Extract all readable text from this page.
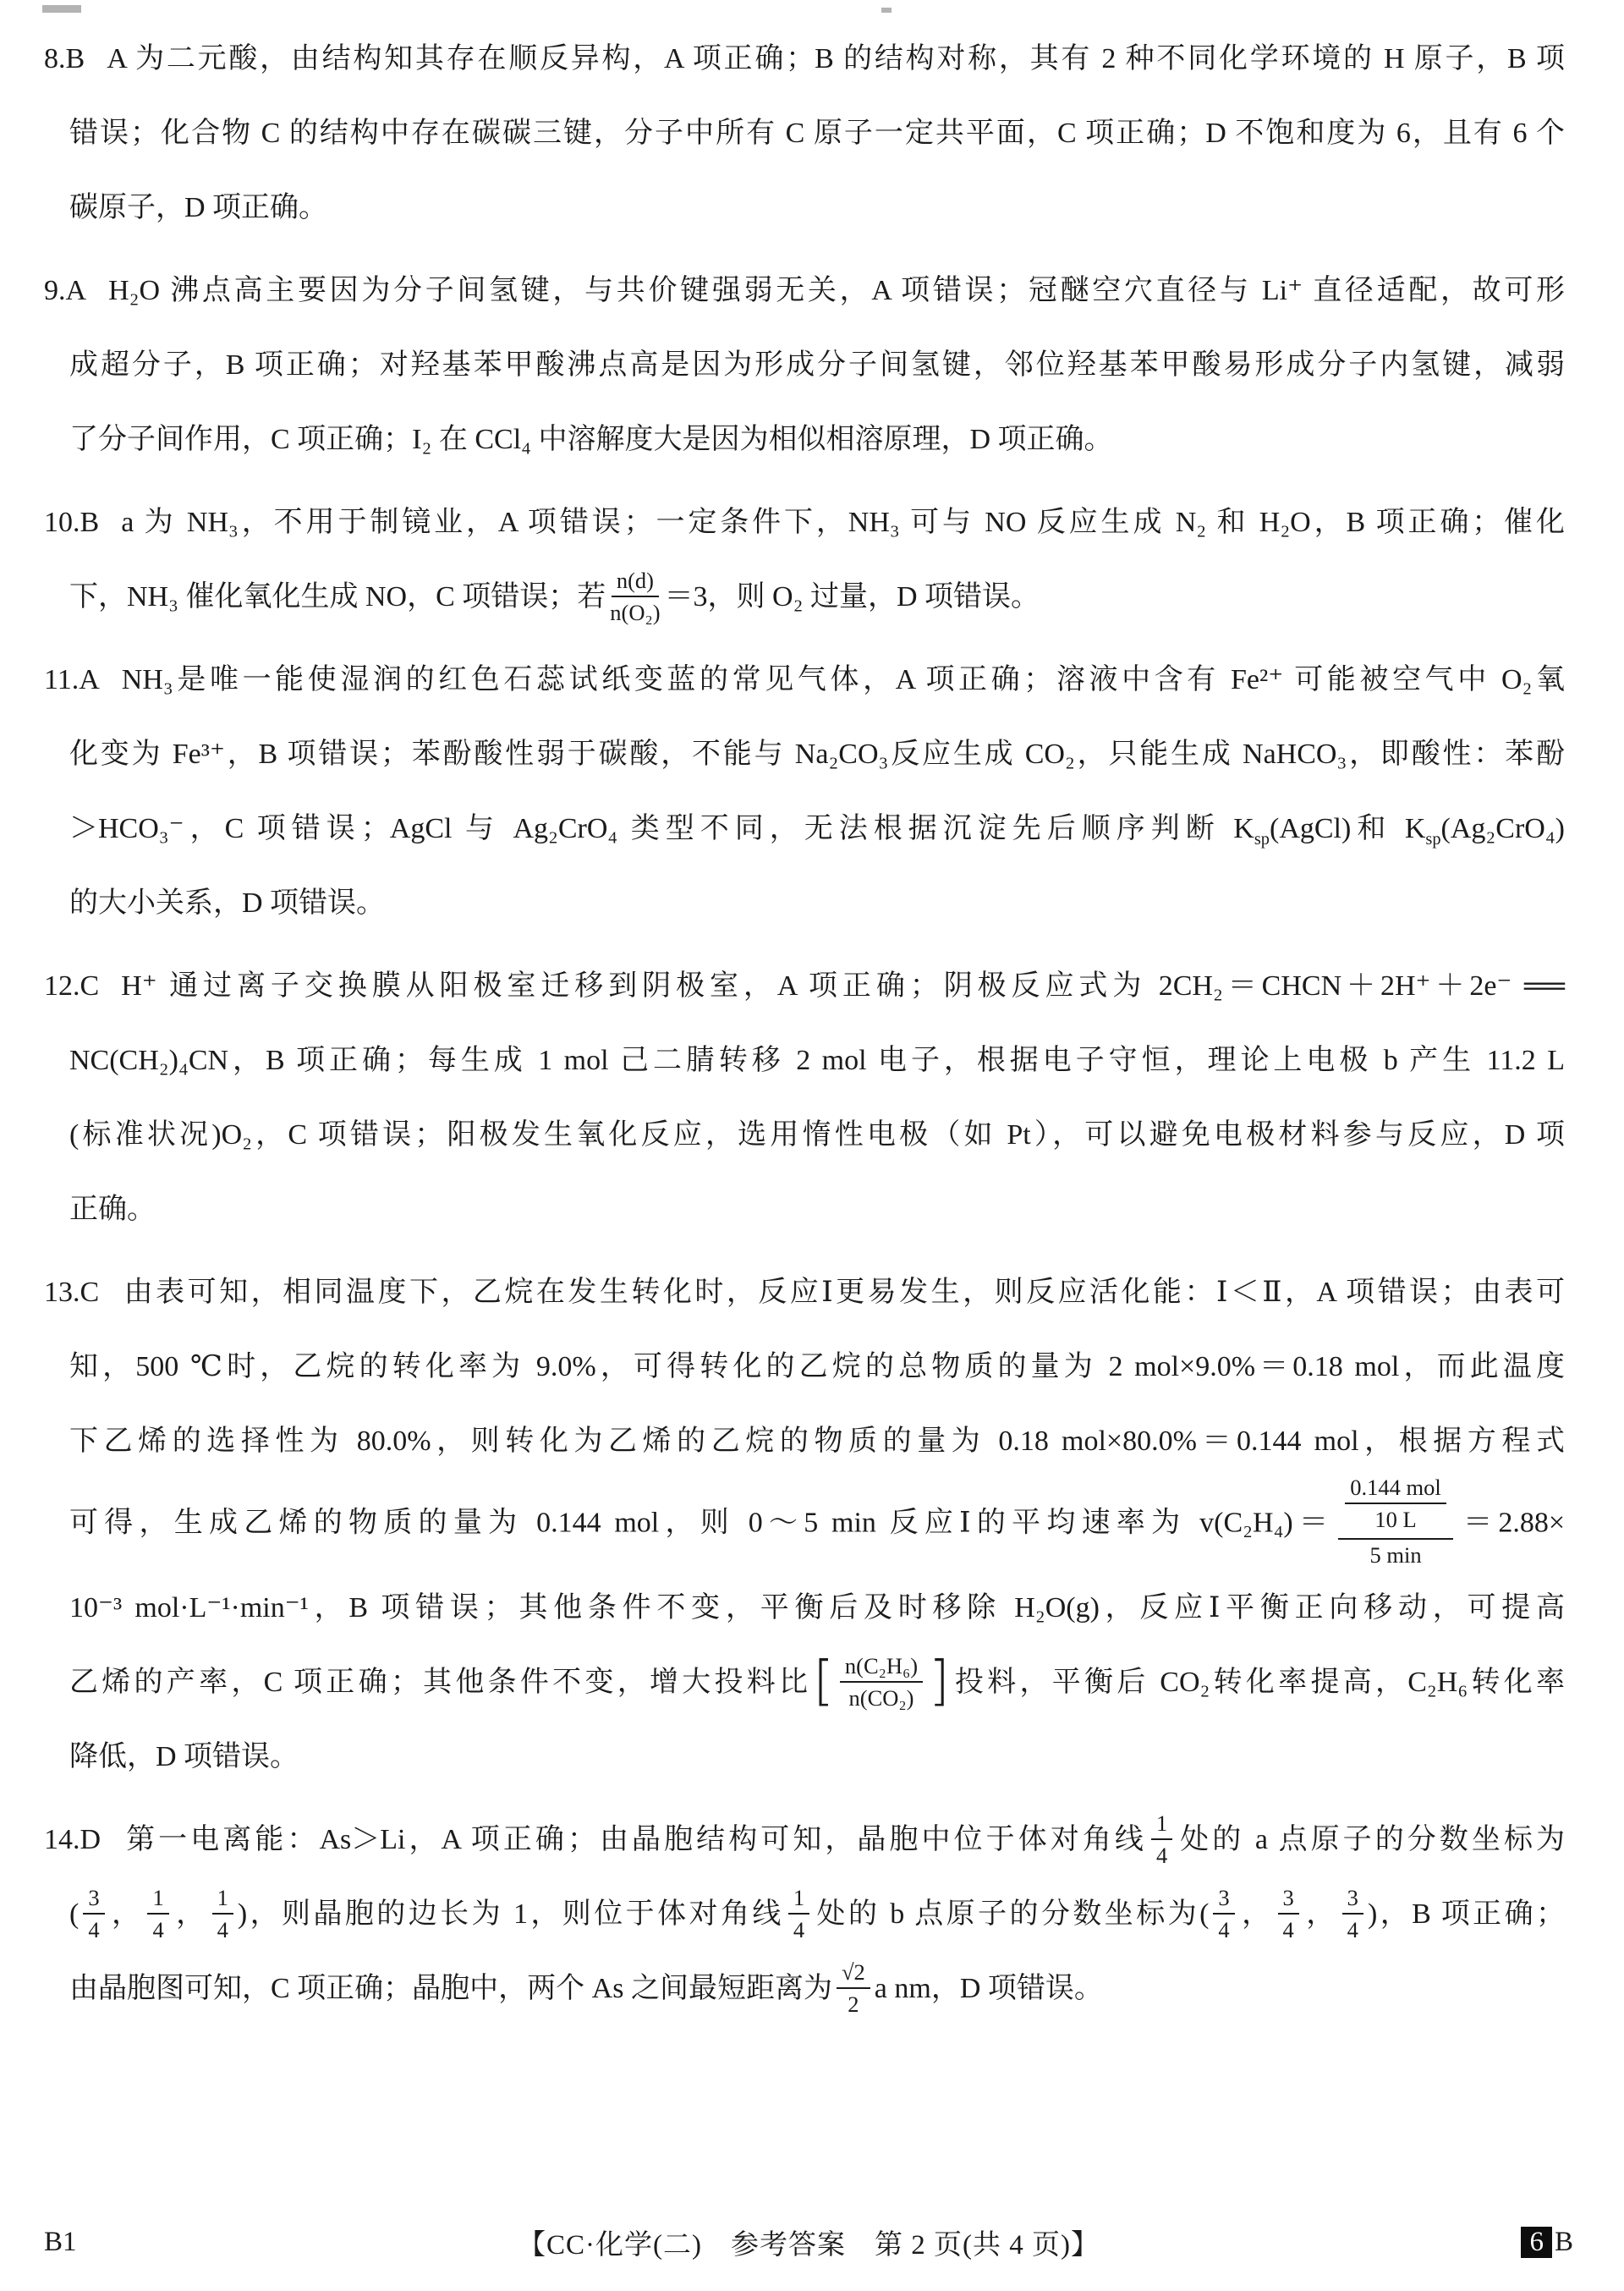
8.B A 为二元酸，由结构知其存在顺反异构，A 项正确；B 的结构对称，其有 2 种不同化学环境的 H 原子，B 项
错误；化合物 C 的结构中存在碳碳三键，分子中所有 C 原子一定共平面，C 项正确；D 不饱和度为 6，且有 6 个
碳原子，D 项正确。
9.A H₂O 沸点高主要因为分子间氢键，与共价键强弱无关，A 项错误；冠醚空穴直径与 Li⁺ 直径适配，故可形
成超分子，B 项正确；对羟基苯甲酸沸点高是因为形成分子间氢键，邻位羟基苯甲酸易形成分子内氢键，减弱
了分子间作用，C 项正确；I₂ 在 CCl₄ 中溶解度大是因为相似相溶原理，D 项正确。
10.B a 为 NH₃，不用于制镜业，A 项错误；一定条件下，NH₃ 可与 NO 反应生成 N₂ 和 H₂O，B 项正确；催化
下，NH₃ 催化氧化生成 NO，C 项错误；若 $\frac{n(d)}{\text{n(O₂)}} =3$，则 O₂ 过量，D 项错误。
11.A NH₃是唯一能使湿润的红色石蕊试纸变蓝的常见气体，A 项正确；溶液中含有 Fe²⁺ 可能被空气中 O₂氧
化变为 Fe³⁺，B 项错误；苯酚酸性弱于碳酸，不能与 Na₂CO₃反应生成 CO₂，只能生成 NaHCO₃，即酸性：苯酚
＞HCO₃⁻，C 项错误；AgCl 与 Ag₂CrO₄ 类型不同，无法根据沉淀先后顺序判断 $K_{sp}(AgCl)$和 $K_{sp}(Ag_2CrO_4)$
的大小关系，D 项错误。
12.C H⁺ 通过离子交换膜从阳极室迁移到阴极室，A 项正确；阴极反应式为 2CH₂＝CHCN＋2H⁺＋2e⁻ ══
NC(CH₂)₄CN，B 项正确；每生成 1 mol 己二腈转移 2 mol 电子，根据电子守恒，理论上电极 b 产生 11.2 L
(标准状况)O₂，C 项错误；阳极发生氧化反应，选用惰性电极（如 Pt），可以避免电极材料参与反应，D 项
正确。
13.C 由表可知，相同温度下，乙烷在发生转化时，反应Ⅰ更易发生，则反应活化能：Ⅰ＜Ⅱ，A 项错误；由表可
知，500 ℃时，乙烷的转化率为 9.0%，可得转化的乙烷的总物质的量为 2 mol×9.0%＝0.18 mol，而此温度
下乙烯的选择性为 80.0%，则转化为乙烯的乙烷的物质的量为 0.18 mol×80.0%＝0.144 mol，根据方程式
可得，生成乙烯的物质的量为 0.144 mol，则 0～5 min 反应Ⅰ的平均速率为 $v(C_2H_4)= \frac{\frac{\text{0.144 mol}}{10 L}}{5 \min} =2.88\times$
10⁻³ mol·L⁻¹·min⁻¹，B 项错误；其他条件不变，平衡后及时移除 H₂O(g)，反应Ⅰ平衡正向移动，可提高
乙烯的产率，C 项正确；其他条件不变，增大投料比[ $\frac{\text{n(C₂H₆)}}{\text{n(CO₂)}}$ ]投料，平衡后 CO₂转化率提高，C₂H₆转化率
降低，D 项错误。
14.D 第一电离能：As＞Li，A 项正确；由晶胞结构可知，晶胞中位于体对角线 $\frac{1}{4}$ 处的 a 点原子的分数坐标为
( $\frac{3}{4}$ ， $\frac{1}{4}$ ， $\frac{1}{4}$ )，则晶胞的边长为 1，则位于体对角线 $\frac{1}{4}$ 处的 b 点原子的分数坐标为( $\frac{3}{4}$ ， $\frac{3}{4}$ ， $\frac{3}{4}$ )，B 项正确；
由晶胞图可知，C 项正确；晶胞中，两个 As 之间最短距离为 $\frac{√2}{2}$ a nm，D 项错误。
B1	【CC·化学(二)　参考答案　第 2 页(共 4 页)】	6 B
